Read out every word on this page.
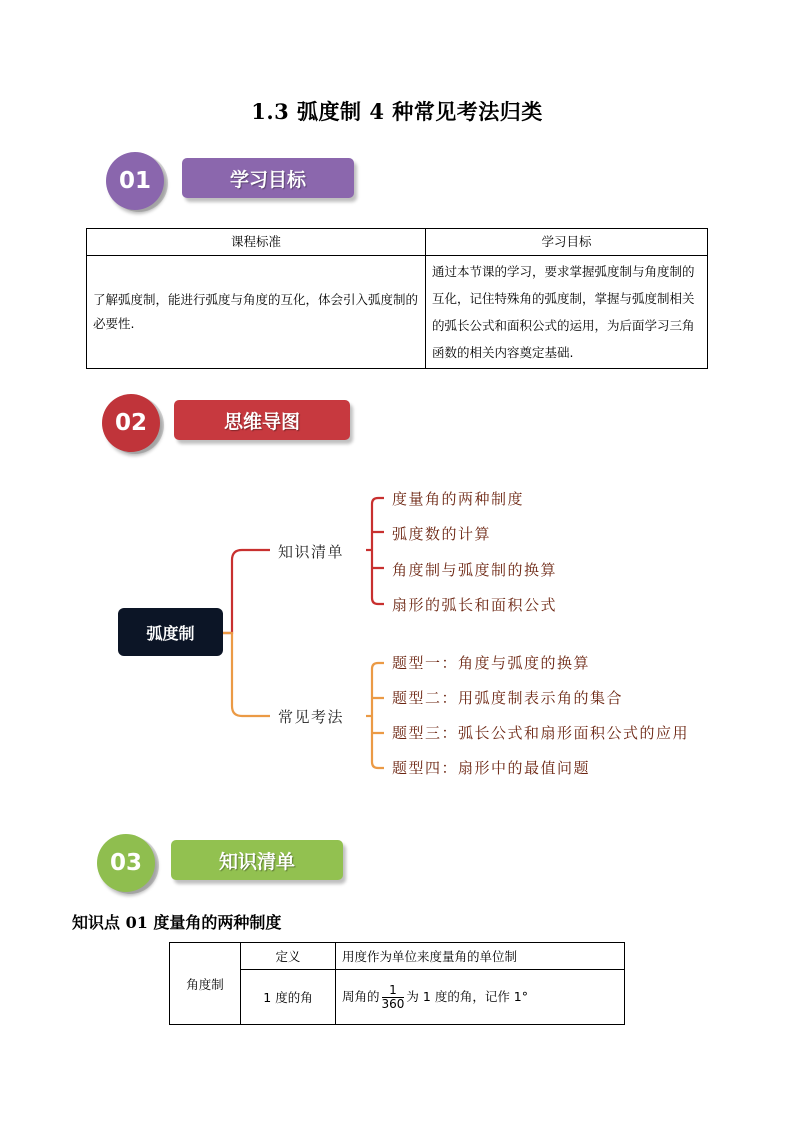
1.3 弧度制 4 种常见考法归类
01	学习目标
课程标准	学习目标
了解弧度制，能进行弧度与角度的互化，体会引入弧度制的必要性.	通过本节课的学习，要求掌握弧度制与角度制的互化，记住特殊角的弧度制，掌握与弧度制相关的弧长公式和面积公式的运用，为后面学习三角函数的相关内容奠定基础.
02	思维导图
弧度制
知识清单
常见考法
度量角的两种制度
弧度数的计算
角度制与弧度制的换算
扇形的弧长和面积公式
题型一：角度与弧度的换算
题型二：用弧度制表示角的集合
题型三：弧长公式和扇形面积公式的应用
题型四：扇形中的最值问题
03	知识清单
知识点 01 度量角的两种制度
角度制	定义	用度作为单位来度量角的单位制
	1 度的角	周角的 $\frac{1}{360}$ 为 1 度的角，记作 1°
